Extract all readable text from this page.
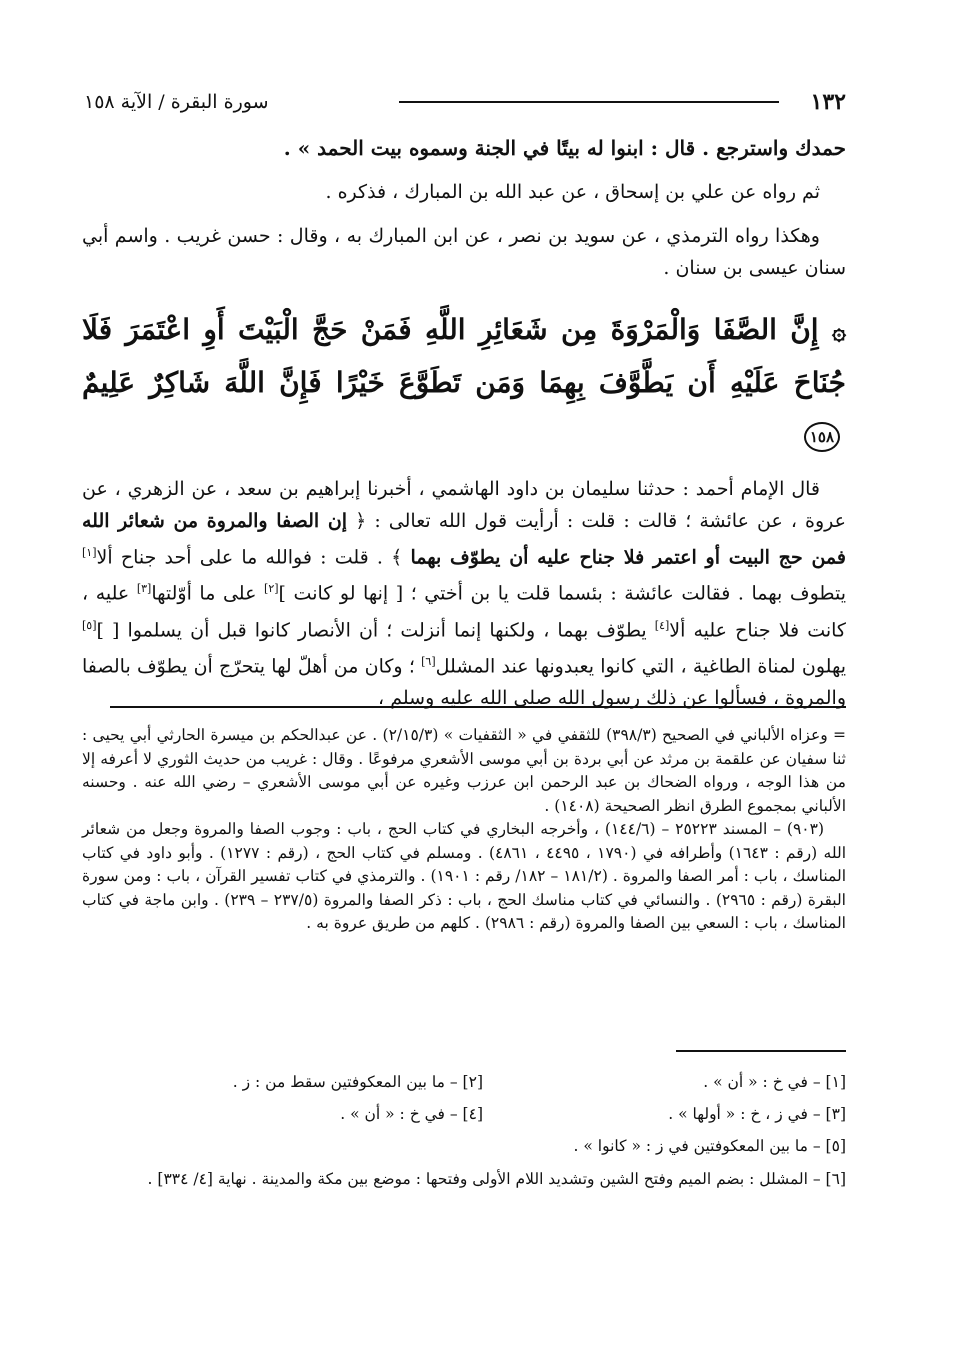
١٣٢
سورة البقرة / الآية ١٥٨

حمدك واسترجع . قال : ابنوا له بيتًا في الجنة وسموه بيت الحمد » .

ثم رواه عن علي بن إسحاق ، عن عبد الله بن المبارك ، فذكره .

وهكذا رواه الترمذي ، عن سويد بن نصر ، عن ابن المبارك به ، وقال : حسن غريب . واسم أبي سنان عيسى بن سنان .

۞ إِنَّ الصَّفَا وَالْمَرْوَةَ مِن شَعَائِرِ اللَّهِ فَمَنْ حَجَّ الْبَيْتَ أَوِ اعْتَمَرَ فَلَا جُنَاحَ عَلَيْهِ أَن يَطَّوَّفَ بِهِمَا وَمَن تَطَوَّعَ خَيْرًا فَإِنَّ اللَّهَ شَاكِرٌ عَلِيمٌ ١٥٨

قال الإمام أحمد : حدثنا سليمان بن داود الهاشمي ، أخبرنا إبراهيم بن سعد ، عن الزهري ، عن عروة ، عن عائشة ؛ قالت : قلت : أرأيت قول الله تعالى : ﴿ إن الصفا والمروة من شعائر الله فمن حج البيت أو اعتمر فلا جناح عليه أن يطوّف بهما ﴾ . قلت : فوالله ما على أحد جناح ألا[١] يتطوف بهما . فقالت عائشة : بئسما قلت يا بن أختي ؛ [ إنها لو كانت ][٢] على ما أوّلتها[٣] عليه ، كانت فلا جناح عليه ألا[٤] يطوّف بهما ، ولكنها إنما أنزلت ؛ أن الأنصار كانوا قبل أن يسلموا [ ][٥] يهلون لمناة الطاغية ، التي كانوا يعبدونها عند المشلل[٦] ؛ وكان من أهلّ لها يتحرّج أن يطوّف بالصفا والمروة ، فسألوا عن ذلك رسول الله صلى الله عليه وسلم ،

= وعزاه الألباني في الصحيح (٣٩٨/٣) للثقفي في « الثقفيات » (٢/١٥/٣) . عن عبدالحكم بن ميسرة الحارثي أبي يحيى : ثنا سفيان عن علقمة بن مرثد عن أبي بردة بن أبي موسى الأشعري مرفوعًا . وقال : غريب من حديث الثوري لا أعرفه إلا من هذا الوجه ، ورواه الضحاك بن عبد الرحمن ابن عرزب وغيره عن أبي موسى الأشعري – رضي الله عنه . وحسنه الألباني بمجموع الطرق انظر الصحيحة (١٤٠٨) .

(٩٠٣) – المسند ٢٥٢٢٣ – (١٤٤/٦) ، وأخرجه البخاري في كتاب الحج ، باب : وجوب الصفا والمروة وجعل من شعائر الله (رقم : ١٦٤٣) وأطرافه في (١٧٩٠ ، ٤٤٩٥ ، ٤٨٦١) . ومسلم في كتاب الحج ، (رقم : ١٢٧٧) . وأبو داود في كتاب المناسك ، باب : أمر الصفا والمروة . (١٨١/٢ – ١٨٢/ رقم : ١٩٠١) . والترمذي في كتاب تفسير القرآن ، باب : ومن سورة البقرة (رقم : ٢٩٦٥) . والنسائي في كتاب مناسك الحج ، باب : ذكر الصفا والمروة (٢٣٧/٥ – ٢٣٩) . وابن ماجة في كتاب المناسك ، باب : السعي بين الصفا والمروة (رقم : ٢٩٨٦) . كلهم من طريق عروة به .

[١] – في خ : « أن » .
[٢] – ما بين المعكوفتين سقط من : ز .
[٣] – في ز ، خ : « أولها » .
[٤] – في خ : « أن » .
[٥] – ما بين المعكوفتين في ز : « كانوا » .
[٦] – المشلل : بضم الميم وفتح الشين وتشديد اللام الأولى وفتحها : موضع بين مكة والمدينة . نهاية [٤/ ٣٣٤] .
